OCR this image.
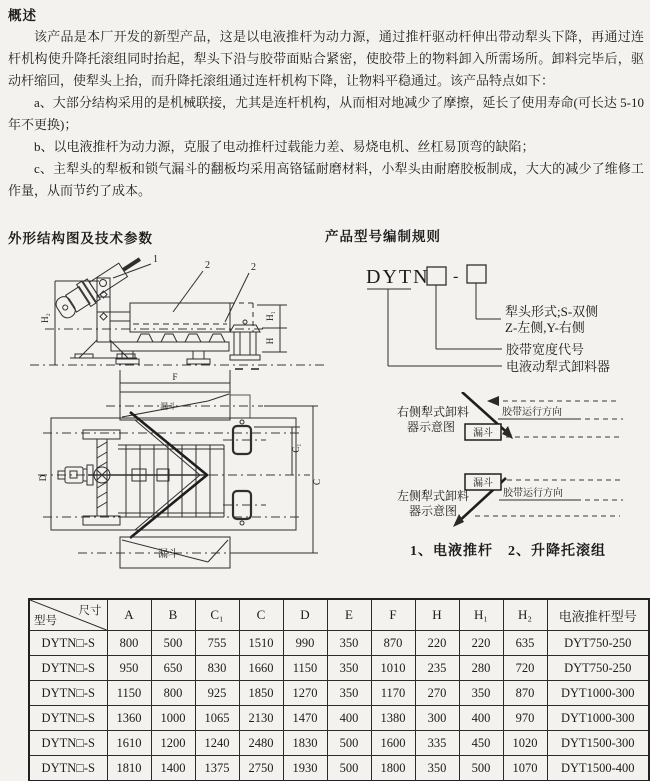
概述

该产品是本厂开发的新型产品，这是以电液推杆为动力源，通过推杆驱动杆伸出带动犁头下降，再通过连杆机构使升降托滚组同时抬起，犁头下沿与胶带面贴合紧密，使胶带上的物料卸入所需场所。卸料完毕后，驱动杆缩回，使犁头上抬，而升降托滚组通过连杆机构下降，让物料平稳通过。该产品特点如下：

a、大部分结构采用的是机械联接，尤其是连杆机构，从而相对地减少了摩擦，延长了使用寿命(可长达 5-10 年不更换)；

b、以电液推杆为动力源，克服了电动推杆过载能力差、易烧电机、丝杠易顶弯的缺陷；

c、主犁头的犁板和锁气漏斗的翻板均采用高铬锰耐磨材料，小犁头由耐磨胶板制成，大大的减少了维修工作量，从而节约了成本。

外形结构图及技术参数	产品型号编制规则
H₂	H₁
H
1
2	2
F
漏斗
漏斗
D
C₁
C
DYTN -
犁头形式;S-双侧
Z-左侧,Y-右侧
胶带宽度代号
电液动犁式卸料器
漏斗
右侧犁式卸料
器示意图
胶带运行方向
漏斗
左侧犁式卸料
器示意图
胶带运行方向
1、电液推杆　2、升降托滚组
尺寸
型号	A	B	C₁	C	D	E	F	H	H₁	H₂	电液推杆型号
DYTN□-S	800	500	755	1510	990	350	870	220	220	635	DYT750-250
DYTN□-S	950	650	830	1660	1150	350	1010	235	280	720	DYT750-250
DYTN□-S	1150	800	925	1850	1270	350	1170	270	350	870	DYT1000-300
DYTN□-S	1360	1000	1065	2130	1470	400	1380	300	400	970	DYT1000-300
DYTN□-S	1610	1200	1240	2480	1830	500	1600	335	450	1020	DYT1500-300
DYTN□-S	1810	1400	1375	2750	1930	500	1800	350	500	1070	DYT1500-400
